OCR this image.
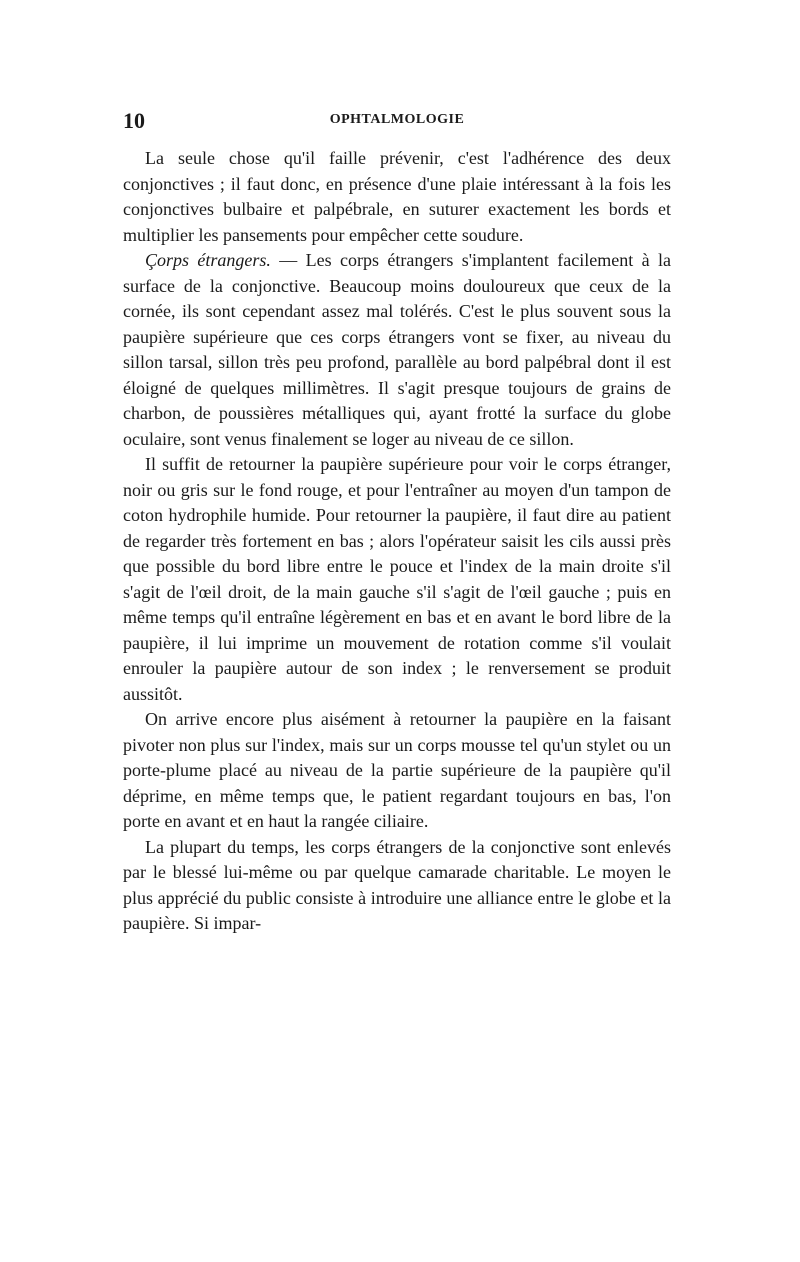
10	OPHTALMOLOGIE

La seule chose qu'il faille prévenir, c'est l'adhérence des deux conjonctives ; il faut donc, en présence d'une plaie intéressant à la fois les conjonctives bulbaire et palpébrale, en suturer exactement les bords et multiplier les pansements pour empêcher cette soudure.

Çorps étrangers. — Les corps étrangers s'implantent facilement à la surface de la conjonctive. Beaucoup moins douloureux que ceux de la cornée, ils sont cependant assez mal tolérés. C'est le plus souvent sous la paupière supérieure que ces corps étrangers vont se fixer, au niveau du sillon tarsal, sillon très peu profond, parallèle au bord palpébral dont il est éloigné de quelques millimètres. Il s'agit presque toujours de grains de charbon, de poussières métalliques qui, ayant frotté la surface du globe oculaire, sont venus finalement se loger au niveau de ce sillon.

Il suffit de retourner la paupière supérieure pour voir le corps étranger, noir ou gris sur le fond rouge, et pour l'entraîner au moyen d'un tampon de coton hydrophile humide. Pour retourner la paupière, il faut dire au patient de regarder très fortement en bas ; alors l'opérateur saisit les cils aussi près que possible du bord libre entre le pouce et l'index de la main droite s'il s'agit de l'œil droit, de la main gauche s'il s'agit de l'œil gauche ; puis en même temps qu'il entraîne légèrement en bas et en avant le bord libre de la paupière, il lui imprime un mouvement de rotation comme s'il voulait enrouler la paupière autour de son index ; le renversement se produit aussitôt.

On arrive encore plus aisément à retourner la paupière en la faisant pivoter non plus sur l'index, mais sur un corps mousse tel qu'un stylet ou un porte-plume placé au niveau de la partie supérieure de la paupière qu'il déprime, en même temps que, le patient regardant toujours en bas, l'on porte en avant et en haut la rangée ciliaire.

La plupart du temps, les corps étrangers de la conjonctive sont enlevés par le blessé lui-même ou par quelque camarade charitable. Le moyen le plus apprécié du public consiste à introduire une alliance entre le globe et la paupière. Si impar-
